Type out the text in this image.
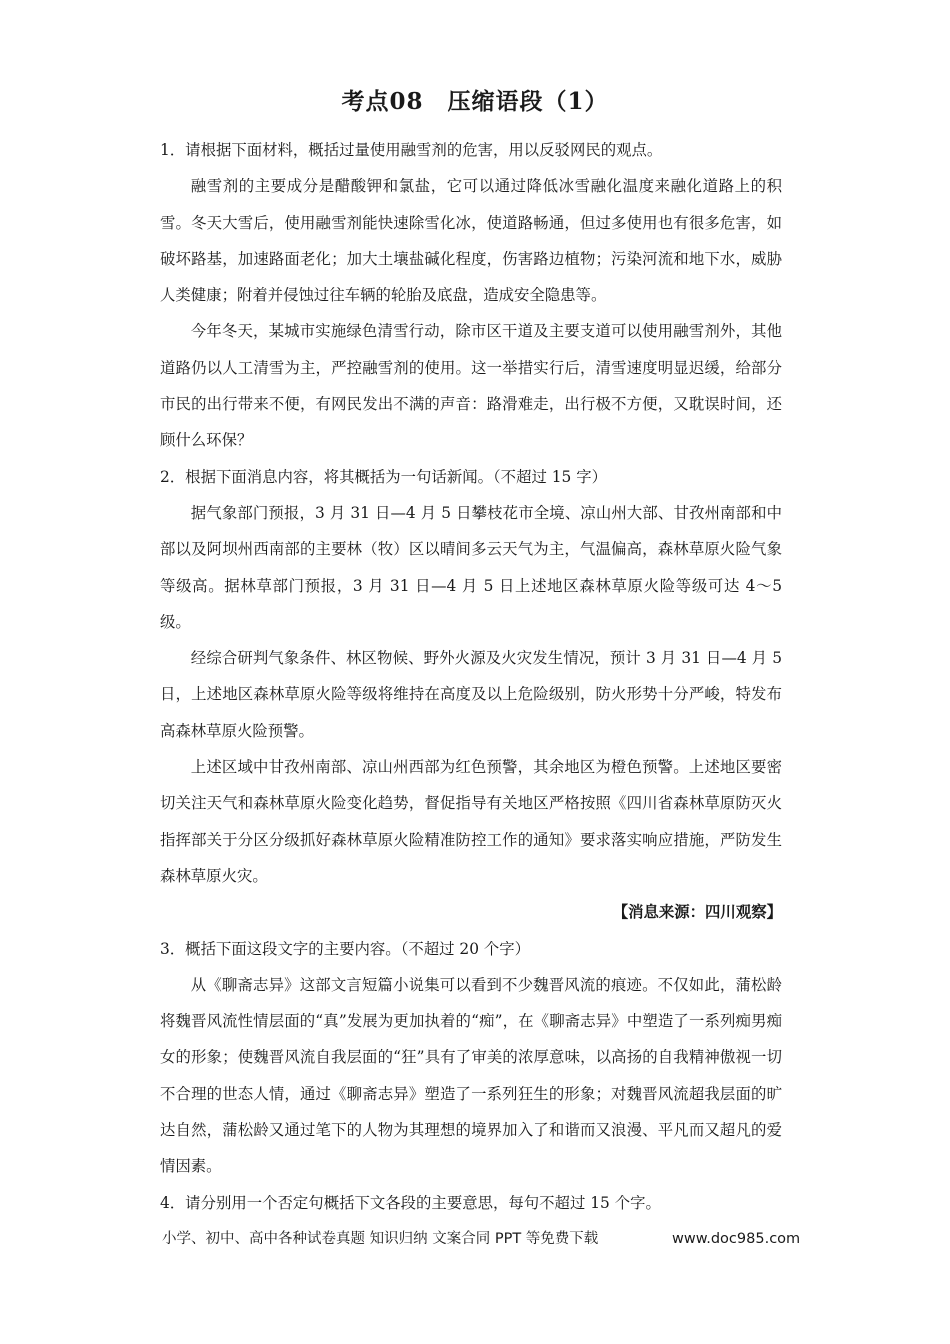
考点08　压缩语段（1）

1．请根据下面材料，概括过量使用融雪剂的危害，用以反驳网民的观点。

融雪剂的主要成分是醋酸钾和氯盐，它可以通过降低冰雪融化温度来融化道路上的积雪。冬天大雪后，使用融雪剂能快速除雪化冰，使道路畅通，但过多使用也有很多危害，如破坏路基，加速路面老化；加大土壤盐碱化程度，伤害路边植物；污染河流和地下水，威胁人类健康；附着并侵蚀过往车辆的轮胎及底盘，造成安全隐患等。

今年冬天，某城市实施绿色清雪行动，除市区干道及主要支道可以使用融雪剂外，其他道路仍以人工清雪为主，严控融雪剂的使用。这一举措实行后，清雪速度明显迟缓，给部分市民的出行带来不便，有网民发出不满的声音：路滑难走，出行极不方便，又耽误时间，还顾什么环保？

2．根据下面消息内容，将其概括为一句话新闻。（不超过 15 字）

据气象部门预报，3 月 31 日—4 月 5 日攀枝花市全境、凉山州大部、甘孜州南部和中部以及阿坝州西南部的主要林（牧）区以晴间多云天气为主，气温偏高，森林草原火险气象等级高。据林草部门预报，3 月 31 日—4 月 5 日上述地区森林草原火险等级可达 4～5 级。

经综合研判气象条件、林区物候、野外火源及火灾发生情况，预计 3 月 31 日—4 月 5 日，上述地区森林草原火险等级将维持在高度及以上危险级别，防火形势十分严峻，特发布高森林草原火险预警。

上述区域中甘孜州南部、凉山州西部为红色预警，其余地区为橙色预警。上述地区要密切关注天气和森林草原火险变化趋势，督促指导有关地区严格按照《四川省森林草原防灭火指挥部关于分区分级抓好森林草原火险精准防控工作的通知》要求落实响应措施，严防发生森林草原火灾。

【消息来源：四川观察】

3．概括下面这段文字的主要内容。（不超过 20 个字）

从《聊斋志异》这部文言短篇小说集可以看到不少魏晋风流的痕迹。不仅如此，蒲松龄将魏晋风流性情层面的“真”发展为更加执着的“痴”，在《聊斋志异》中塑造了一系列痴男痴女的形象；使魏晋风流自我层面的“狂”具有了审美的浓厚意味，以高扬的自我精神傲视一切不合理的世态人情，通过《聊斋志异》塑造了一系列狂生的形象；对魏晋风流超我层面的旷达自然，蒲松龄又通过笔下的人物为其理想的境界加入了和谐而又浪漫、平凡而又超凡的爱情因素。

4．请分别用一个否定句概括下文各段的主要意思，每句不超过 15 个字。

小学、初中、高中各种试卷真题 知识归纳 文案合同 PPT 等免费下载	www.doc985.com
